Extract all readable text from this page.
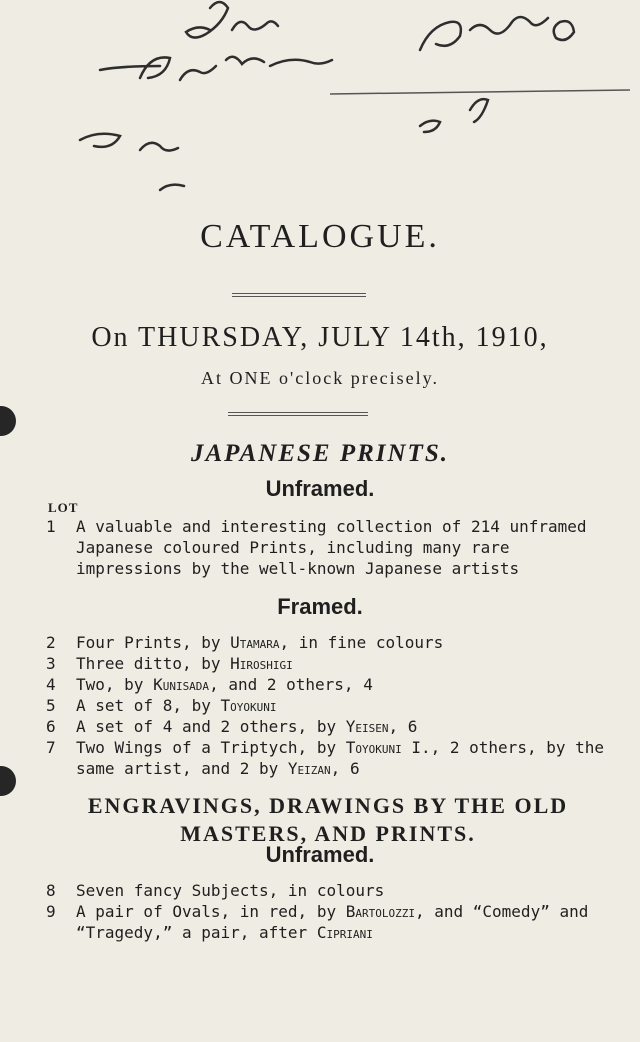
CATALOGUE.
On THURSDAY, JULY 14th, 1910,
At ONE o'clock precisely.
JAPANESE PRINTS.
Unframed.
LOT
1	A valuable and interesting collection of 214 unframed Japanese coloured Prints, including many rare impressions by the well-known Japanese artists
Framed.
2	Four Prints, by Utamara, in fine colours
3	Three ditto, by Hiroshigi
4	Two, by Kunisada, and 2 others, 4
5	A set of 8, by Toyokuni
6	A set of 4 and 2 others, by Yeisen, 6
7	Two Wings of a Triptych, by Toyokuni I., 2 others, by the same artist, and 2 by Yeizan, 6
ENGRAVINGS, DRAWINGS BY THE OLD MASTERS, AND PRINTS.
Unframed.
8	Seven fancy Subjects, in colours
9	A pair of Ovals, in red, by Bartolozzi, and “Comedy” and “Tragedy,” a pair, after Cipriani
